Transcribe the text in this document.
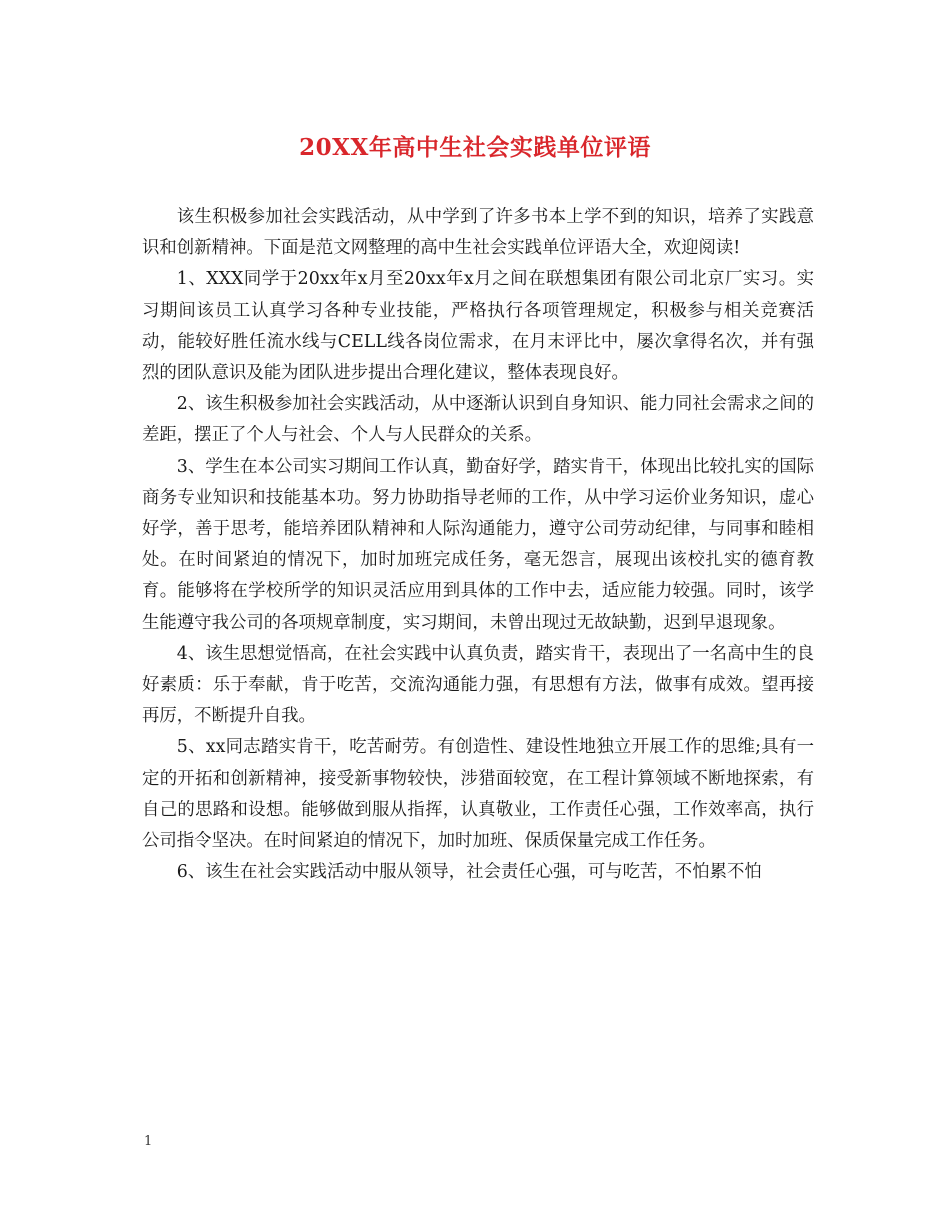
20XX年高中生社会实践单位评语

该生积极参加社会实践活动，从中学到了许多书本上学不到的知识，培养了实践意识和创新精神。下面是范文网整理的高中生社会实践单位评语大全，欢迎阅读!

1、XXX同学于20xx年x月至20xx年x月之间在联想集团有限公司北京厂实习。实习期间该员工认真学习各种专业技能，严格执行各项管理规定，积极参与相关竞赛活动，能较好胜任流水线与CELL线各岗位需求，在月末评比中，屡次拿得名次，并有强烈的团队意识及能为团队进步提出合理化建议，整体表现良好。

2、该生积极参加社会实践活动，从中逐渐认识到自身知识、能力同社会需求之间的差距，摆正了个人与社会、个人与人民群众的关系。

3、学生在本公司实习期间工作认真，勤奋好学，踏实肯干，体现出比较扎实的国际商务专业知识和技能基本功。努力协助指导老师的工作，从中学习运价业务知识，虚心好学，善于思考，能培养团队精神和人际沟通能力，遵守公司劳动纪律，与同事和睦相处。在时间紧迫的情况下，加时加班完成任务，毫无怨言，展现出该校扎实的德育教育。能够将在学校所学的知识灵活应用到具体的工作中去，适应能力较强。同时，该学生能遵守我公司的各项规章制度，实习期间，未曾出现过无故缺勤，迟到早退现象。

4、该生思想觉悟高，在社会实践中认真负责，踏实肯干，表现出了一名高中生的良好素质：乐于奉献，肯于吃苦，交流沟通能力强，有思想有方法，做事有成效。望再接再厉，不断提升自我。

5、xx同志踏实肯干，吃苦耐劳。有创造性、建设性地独立开展工作的思维;具有一定的开拓和创新精神，接受新事物较快，涉猎面较宽，在工程计算领域不断地探索，有自己的思路和设想。能够做到服从指挥，认真敬业，工作责任心强，工作效率高，执行公司指令坚决。在时间紧迫的情况下，加时加班、保质保量完成工作任务。

6、该生在社会实践活动中服从领导，社会责任心强，可与吃苦，不怕累不怕

1
